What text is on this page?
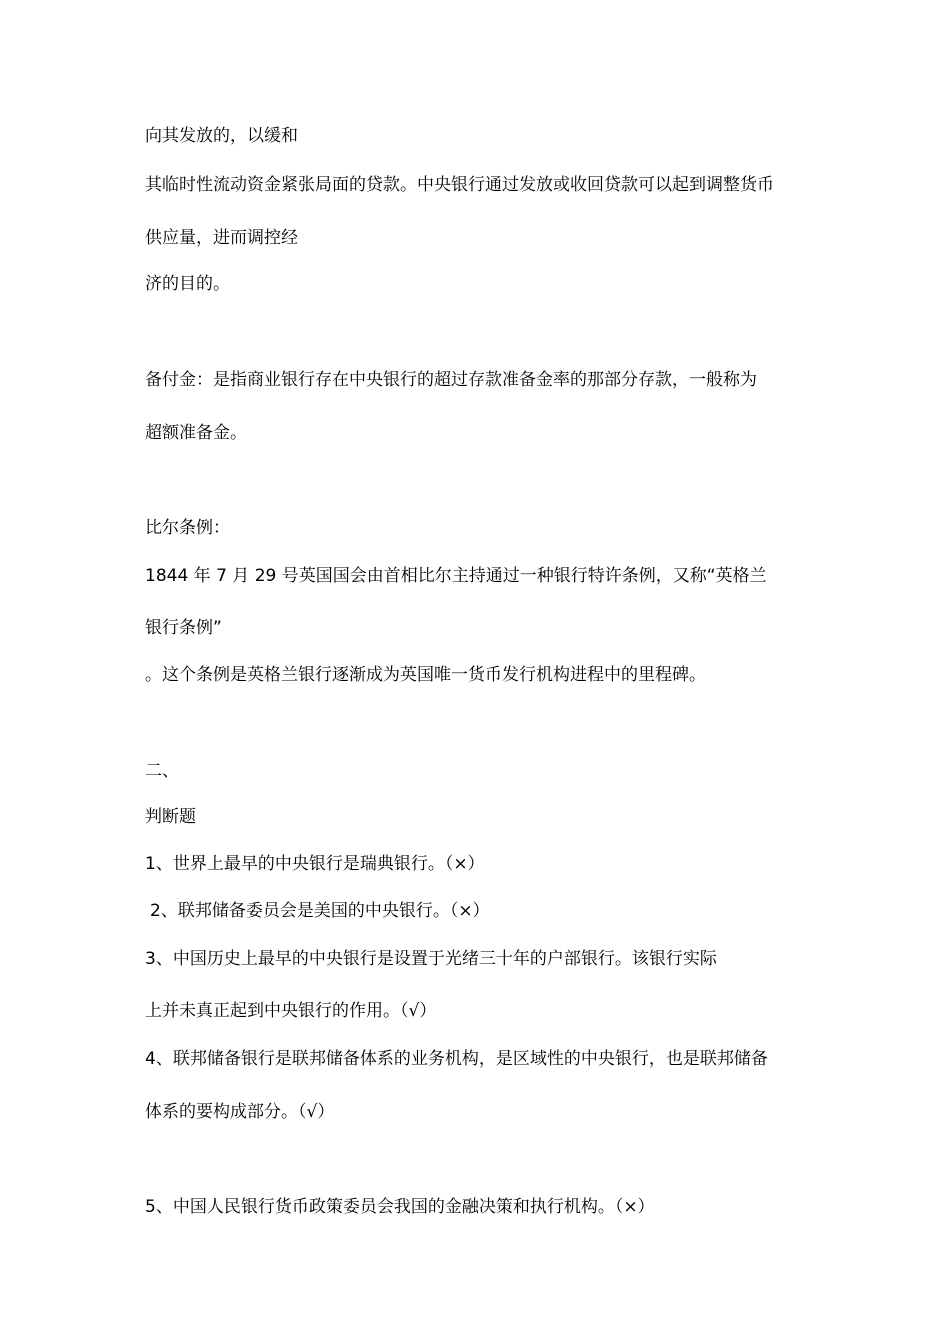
向其发放的，以缓和
其临时性流动资金紧张局面的贷款。中央银行通过发放或收回贷款可以起到调整货币
供应量，进而调控经
济的目的。
备付金：是指商业银行存在中央银行的超过存款准备金率的那部分存款，一般称为
超额准备金。
比尔条例：
1844 年 7 月 29 号英国国会由首相比尔主持通过一种银行特许条例，又称“英格兰
银行条例”
。这个条例是英格兰银行逐渐成为英国唯一货币发行机构进程中的里程碑。
二、
判断题
1、世界上最早的中央银行是瑞典银行。（×）
2、联邦储备委员会是美国的中央银行。（×）
3、中国历史上最早的中央银行是设置于光绪三十年的户部银行。该银行实际
上并未真正起到中央银行的作用。（√）
4、联邦储备银行是联邦储备体系的业务机构，是区域性的中央银行，也是联邦储备
体系的要构成部分。（√）
5、中国人民银行货币政策委员会我国的金融决策和执行机构。（×）
